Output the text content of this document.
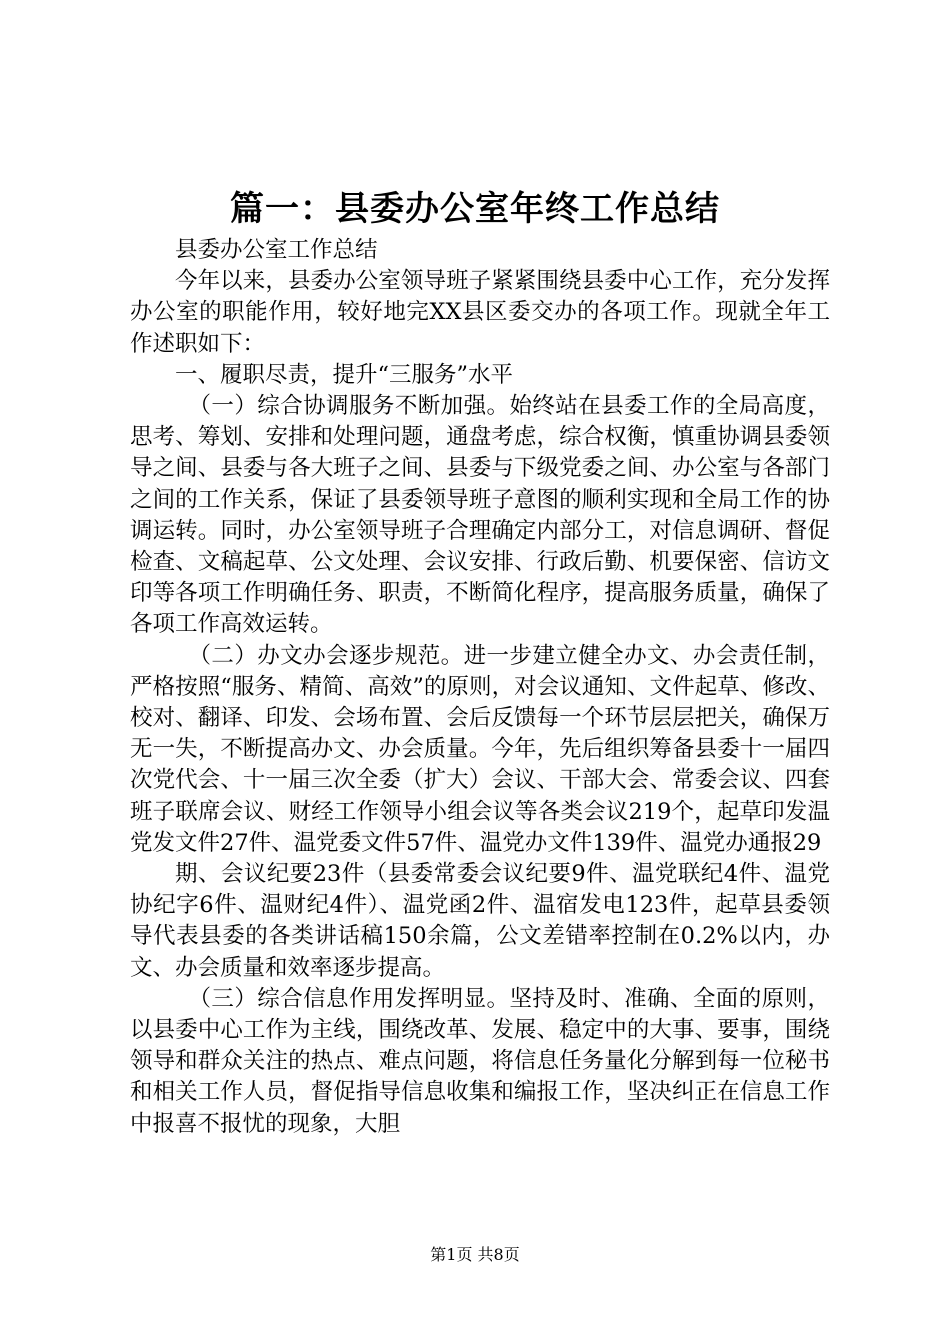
篇一：县委办公室年终工作总结

县委办公室工作总结

今年以来，县委办公室领导班子紧紧围绕县委中心工作，充分发挥办公室的职能作用，较好地完XX县区委交办的各项工作。现就全年工作述职如下：

一、履职尽责，提升“三服务”水平

（一）综合协调服务不断加强。始终站在县委工作的全局高度，思考、筹划、安排和处理问题，通盘考虑，综合权衡，慎重协调县委领导之间、县委与各大班子之间、县委与下级党委之间、办公室与各部门之间的工作关系，保证了县委领导班子意图的顺利实现和全局工作的协调运转。同时，办公室领导班子合理确定内部分工，对信息调研、督促检查、文稿起草、公文处理、会议安排、行政后勤、机要保密、信访文印等各项工作明确任务、职责，不断简化程序，提高服务质量，确保了各项工作高效运转。

（二）办文办会逐步规范。进一步建立健全办文、办会责任制，严格按照“服务、精简、高效”的原则，对会议通知、文件起草、修改、校对、翻译、印发、会场布置、会后反馈每一个环节层层把关，确保万无一失，不断提高办文、办会质量。今年，先后组织筹备县委十一届四次党代会、十一届三次全委（扩大）会议、干部大会、常委会议、四套班子联席会议、财经工作领导小组会议等各类会议219个，起草印发温党发文件27件、温党委文件57件、温党办文件139件、温党办通报29

期、会议纪要23件（县委常委会议纪要9件、温党联纪4件、温党协纪字6件、温财纪4件）、温党函2件、温宿发电123件，起草县委领导代表县委的各类讲话稿150余篇，公文差错率控制在0.2%以内，办文、办会质量和效率逐步提高。

（三）综合信息作用发挥明显。坚持及时、准确、全面的原则，以县委中心工作为主线，围绕改革、发展、稳定中的大事、要事，围绕领导和群众关注的热点、难点问题，将信息任务量化分解到每一位秘书和相关工作人员，督促指导信息收集和编报工作，坚决纠正在信息工作中报喜不报忧的现象，大胆

第1页 共8页
